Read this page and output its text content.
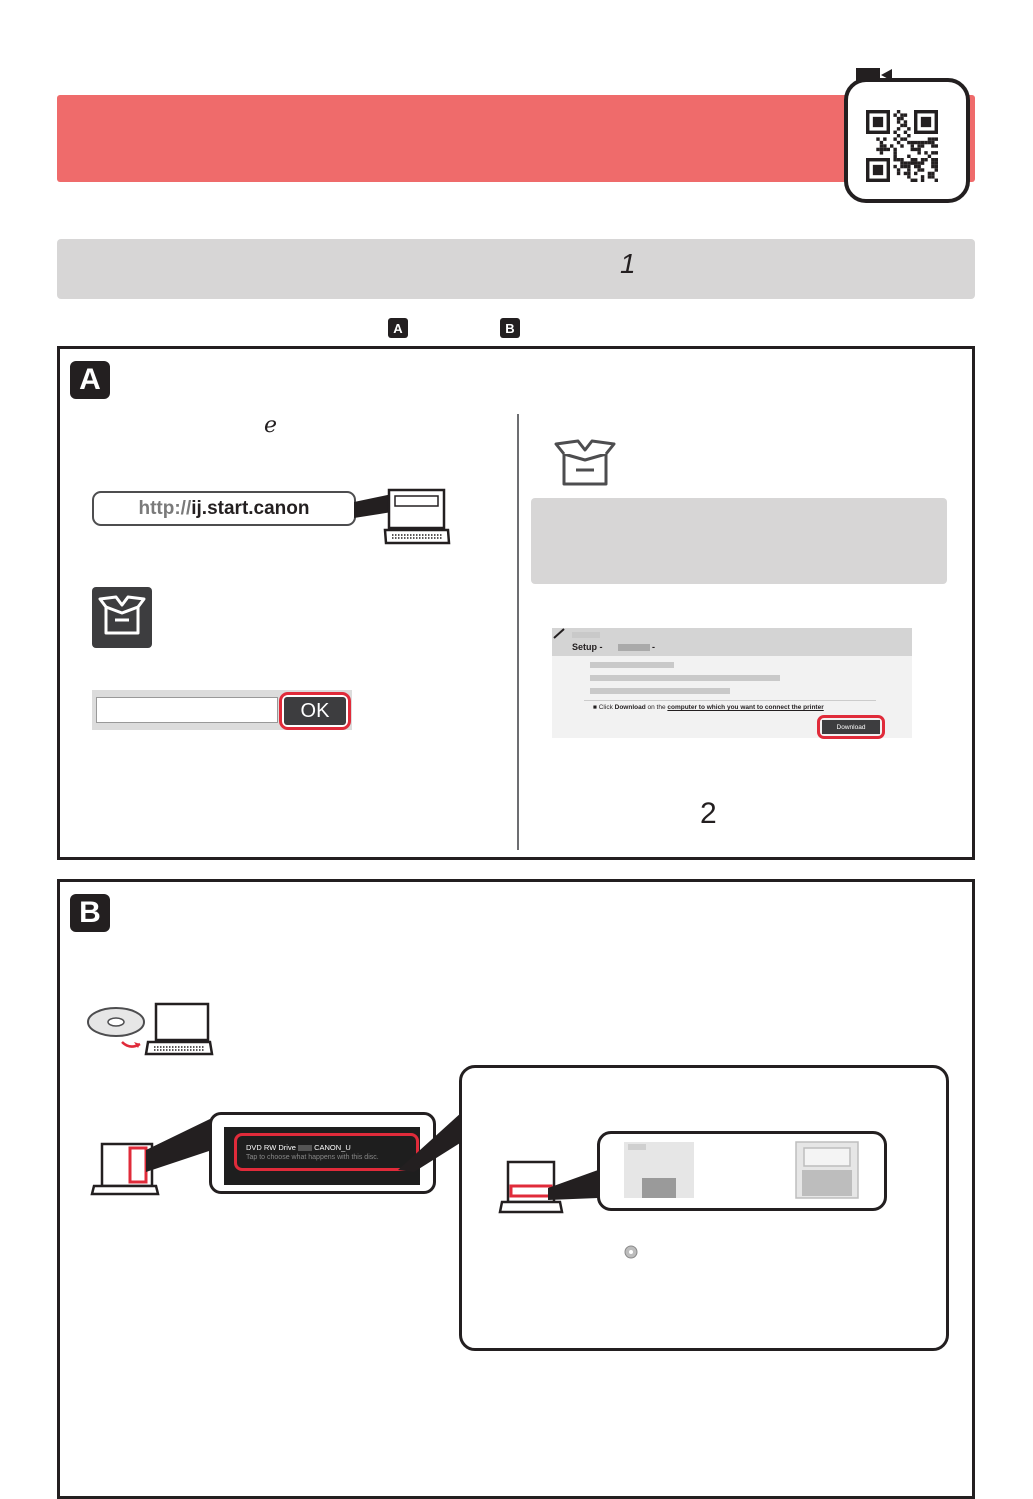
1
A	B
A
ℯ
http:// ij.start.canon
OK
Setup -	-
■ Click Download on the computer to which you want to connect the printer
Download
2
B
DVD RW Drive CANON_U
Tap to choose what happens with this disc.
